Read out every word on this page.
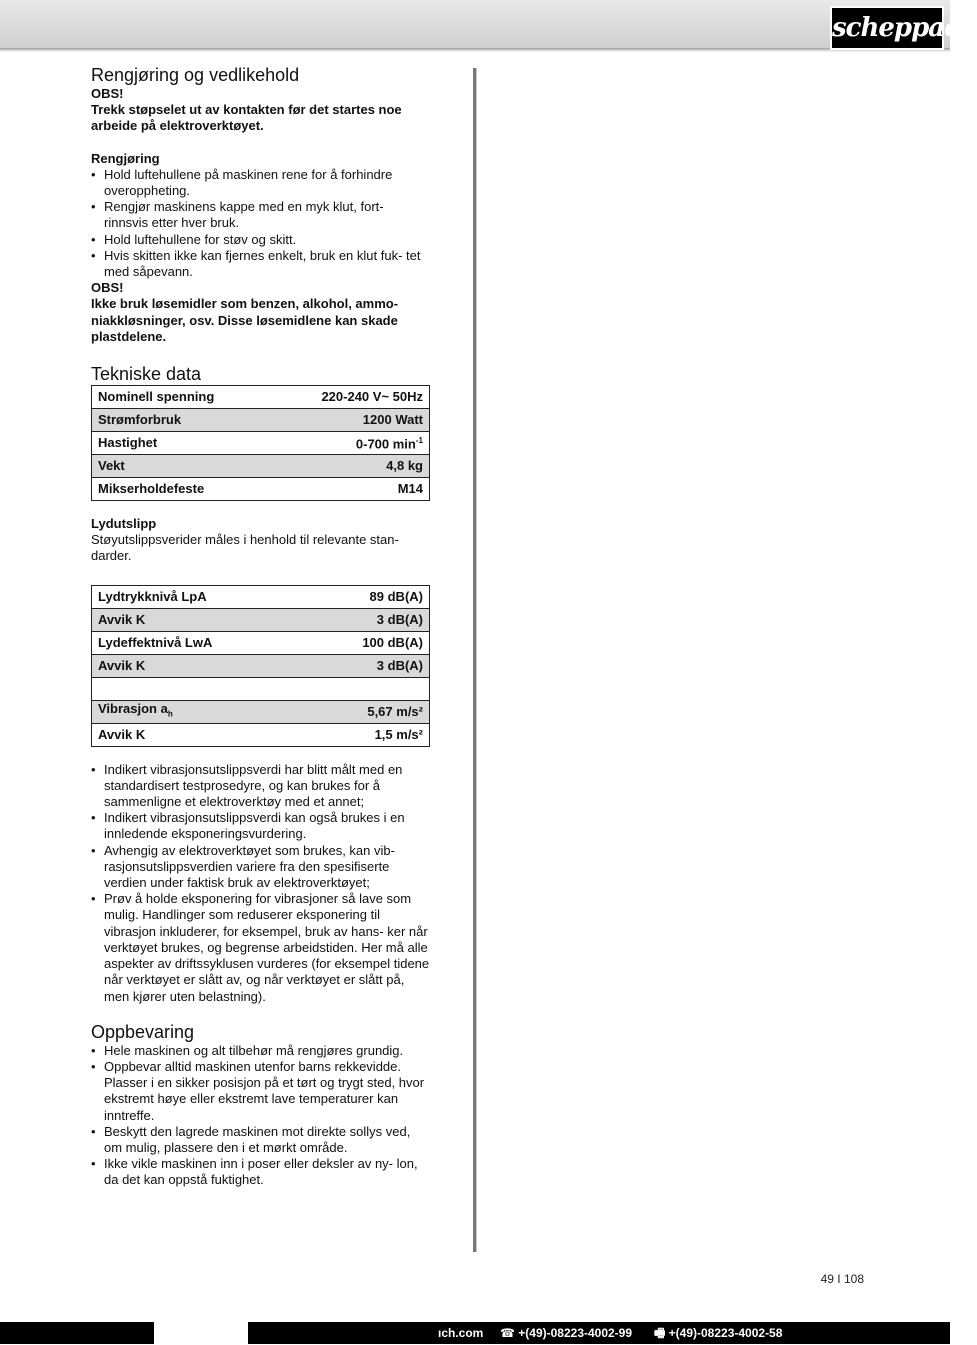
scheppach
Rengjøring og vedlikehold

OBS!

Trekk støpselet ut av kontakten før det startes noe arbeide på elektroverktøyet.

Rengjøring

• Hold luftehullene på maskinen rene for å forhindre overoppheting.
• Rengjør maskinens kappe med en myk klut, fort- rinnsvis etter hver bruk.
• Hold luftehullene for støv og skitt.
• Hvis skitten ikke kan fjernes enkelt, bruk en klut fuk- tet med såpevann.

OBS!

Ikke bruk løsemidler som benzen, alkohol, ammo- niakkløsninger, osv. Disse løsemidlene kan skade plastdelene.

Tekniske data
Nominell spenning	220-240 V~ 50Hz
Strømforbruk	1200 Watt
Hastighet	0-700 $\min^{-1}$
Vekt	4,8 kg
Mikserholdefeste	M14

Lydutslipp

Støyutslippsverider måles i henhold til relevante stan- darder.

Lydtrykknivå LpA	89 dB(A)
Avvik K	3 dB(A)
Lydeffektnivå LwA	100 dB(A)
Avvik K	3 dB(A)

Vibrasjon $a_h$	5,67 m/s²
Avvik K	1,5 m/s²
• Indikert vibrasjonsutslippsverdi har blitt målt med en standardisert testprosedyre, og kan brukes for å sammenligne et elektroverktøy med et annet;
• Indikert vibrasjonsutslippsverdi kan også brukes i en innledende eksponeringsvurdering.
• Avhengig av elektroverktøyet som brukes, kan vib- rasjonsutslippsverdien variere fra den spesifiserte verdien under faktisk bruk av elektroverktøyet;
• Prøv å holde eksponering for vibrasjoner så lave som mulig. Handlinger som reduserer eksponering til vibrasjon inkluderer, for eksempel, bruk av hans- ker når verktøyet brukes, og begrense arbeidstiden. Her må alle aspekter av driftssyklusen vurderes (for eksempel tidene når verktøyet er slått av, og når verktøyet er slått på, men kjører uten belastning).
Oppbevaring
• Hele maskinen og alt tilbehør må rengjøres grundig.
• Oppbevar alltid maskinen utenfor barns rekkevidde. Plasser i en sikker posisjon på et tørt og trygt sted, hvor ekstremt høye eller ekstremt lave temperaturer kan inntreffe.
• Beskytt den lagrede maskinen mot direkte sollys ved, om mulig, plassere den i et mørkt område.
• Ikke vikle maskinen inn i poser eller deksler av ny- lon, da det kan oppstå fuktighet.
49 I 108
ıch.com ☎ +(49)-08223-4002-99 🖷 +(49)-08223-4002-58
